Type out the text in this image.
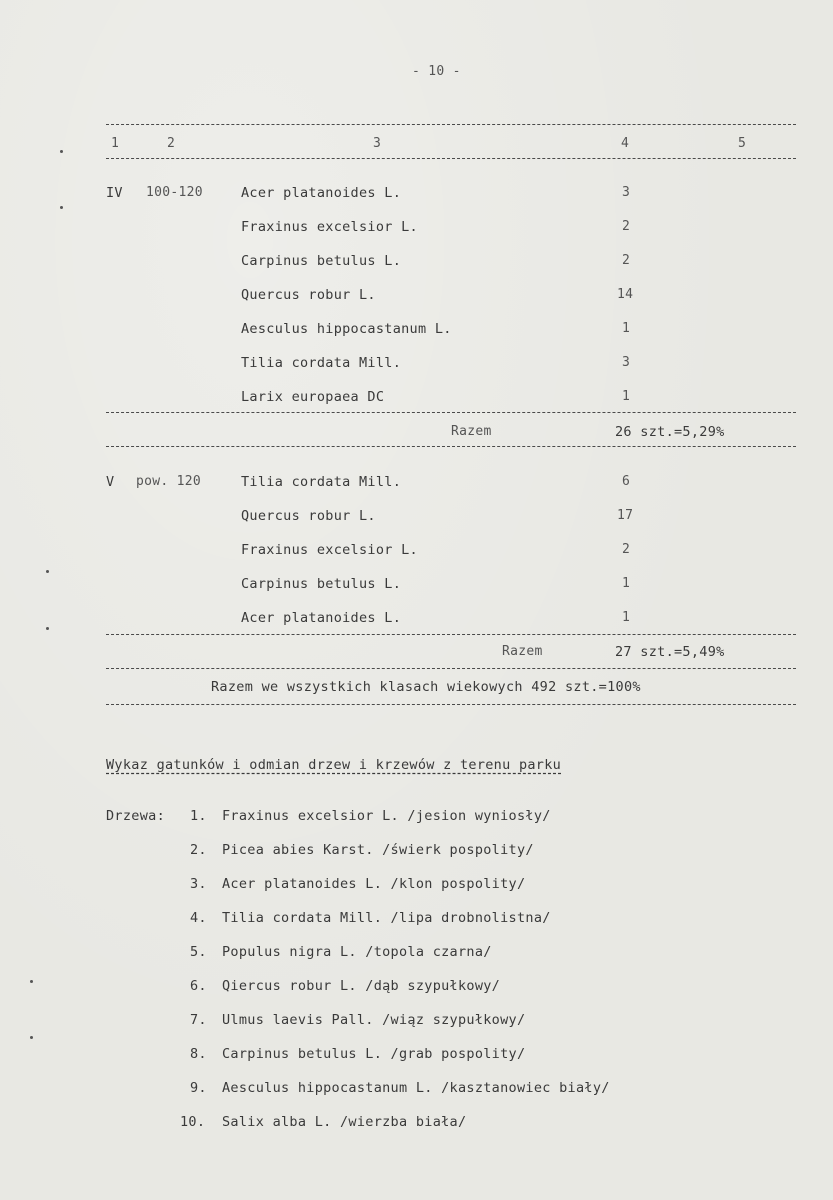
- 10 -
1	2	3	4	5
IV 100-120	Acer platanoides L.	3
Fraxinus excelsior L.	2
Carpinus betulus L.	2
Quercus robur L.	14
Aesculus hippocastanum L.	1
Tilia cordata Mill.	3
Larix europaea DC	1
Razem	26 szt.=5,29%
V pow. 120	Tilia cordata Mill.	6
Quercus robur L.	17
Fraxinus excelsior L.	2
Carpinus betulus L.	1
Acer platanoides L.	1
Razem	27 szt.=5,49%
Razem we wszystkich klasach wiekowych 492 szt.=100%
Wykaz gatunków i odmian drzew i krzewów z terenu parku
Drzewa: 1. Fraxinus excelsior L. /jesion wyniosły/
2. Picea abies Karst. /świerk pospolity/
3. Acer platanoides L. /klon pospolity/
4. Tilia cordata Mill. /lipa drobnolistna/
5. Populus nigra L. /topola czarna/
6. Qiercus robur L. /dąb szypułkowy/
7. Ulmus laevis Pall. /wiąz szypułkowy/
8. Carpinus betulus L. /grab pospolity/
9. Aesculus hippocastanum L. /kasztanowiec biały/
10. Salix alba L. /wierzba biała/
